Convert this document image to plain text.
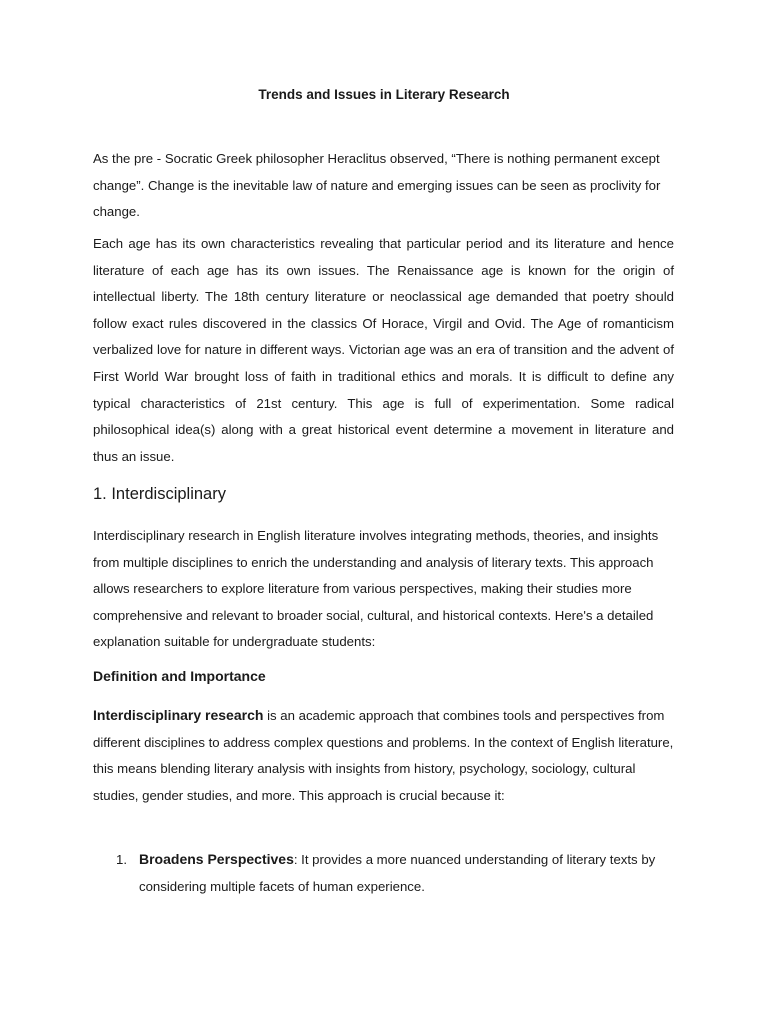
Trends and Issues in Literary Research

As the pre - Socratic Greek philosopher Heraclitus observed, “There is nothing permanent except change”. Change is the inevitable law of nature and emerging issues can be seen as proclivity for change.

Each age has its own characteristics revealing that particular period and its literature and hence literature of each age has its own issues. The Renaissance age is known for the origin of intellectual liberty. The 18th century literature or neoclassical age demanded that poetry should follow exact rules discovered in the classics Of Horace, Virgil and Ovid. The Age of romanticism verbalized love for nature in different ways. Victorian age was an era of transition and the advent of First World War brought loss of faith in traditional ethics and morals. It is difficult to define any typical characteristics of 21st century. This age is full of experimentation. Some radical philosophical idea(s) along with a great historical event determine a movement in literature and thus an issue.

1. Interdisciplinary

Interdisciplinary research in English literature involves integrating methods, theories, and insights from multiple disciplines to enrich the understanding and analysis of literary texts. This approach allows researchers to explore literature from various perspectives, making their studies more comprehensive and relevant to broader social, cultural, and historical contexts. Here's a detailed explanation suitable for undergraduate students:

Definition and Importance

Interdisciplinary research is an academic approach that combines tools and perspectives from different disciplines to address complex questions and problems. In the context of English literature, this means blending literary analysis with insights from history, psychology, sociology, cultural studies, gender studies, and more. This approach is crucial because it:

1. Broadens Perspectives: It provides a more nuanced understanding of literary texts by considering multiple facets of human experience.
